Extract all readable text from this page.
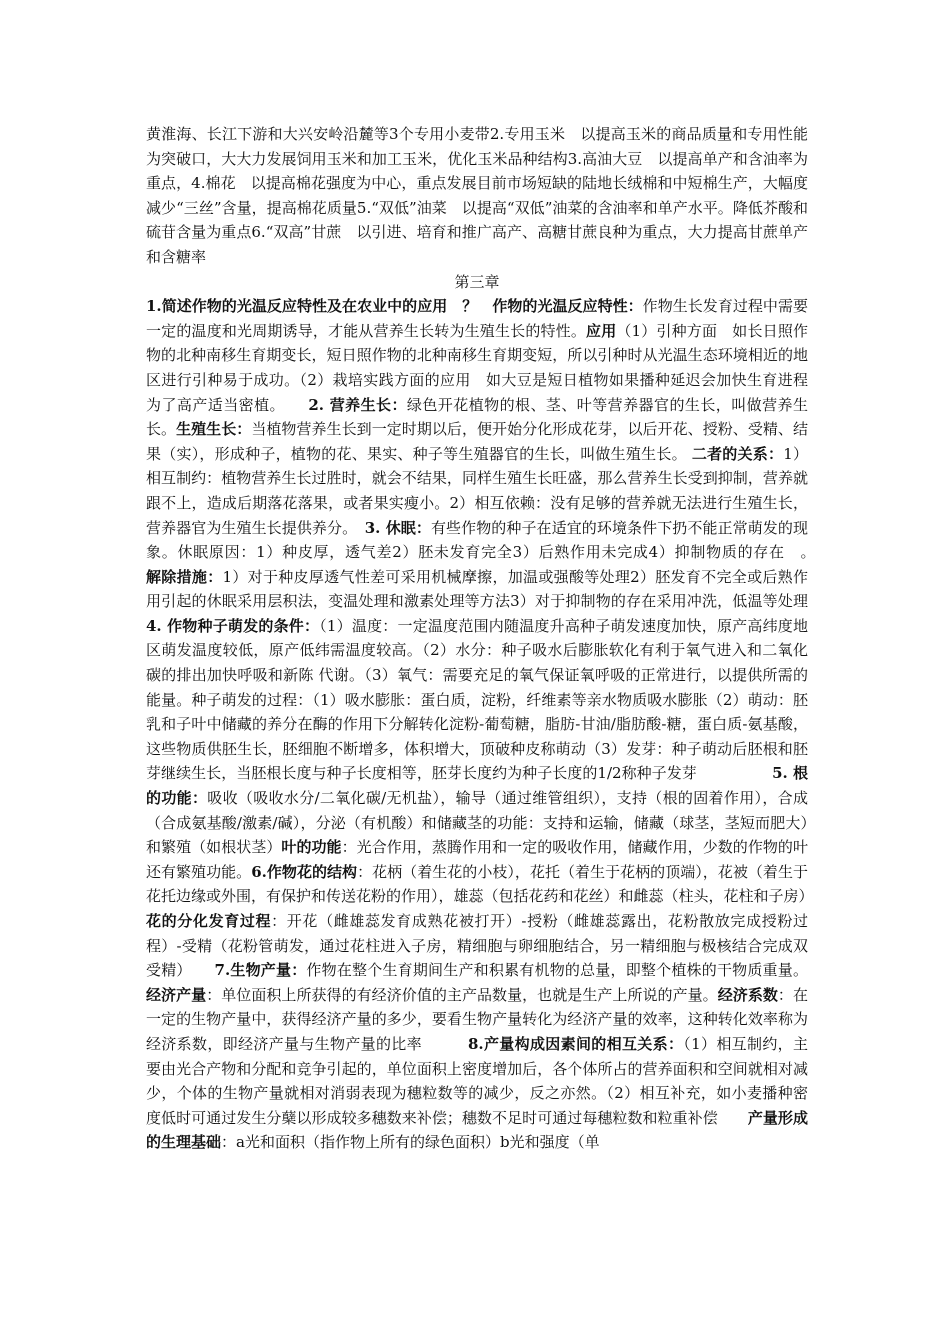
黄淮海、长江下游和大兴安岭沿麓等3个专用小麦带2.专用玉米　以提高玉米的商品质量和专用性能为突破口，大大力发展饲用玉米和加工玉米，优化玉米品种结构3.高油大豆　以提高单产和含油率为重点，4.棉花　以提高棉花强度为中心，重点发展目前市场短缺的陆地长绒棉和中短棉生产，大幅度减少“三丝”含量，提高棉花质量5.“双低”油菜　以提高“双低”油菜的含油率和单产水平。降低芥酸和硫苷含量为重点6.“双高”甘蔗　以引进、培育和推广高产、高糖甘蔗良种为重点，大力提高甘蔗单产和含糖率

第三章

1.简述作物的光温反应特性及在农业中的应用　？　作物的光温反应特性：作物生长发育过程中需要一定的温度和光周期诱导，才能从营养生长转为生殖生长的特性。应用（1）引种方面　如长日照作物的北种南移生育期变长，短日照作物的北种南移生育期变短，所以引种时从光温生态环境相近的地区进行引种易于成功。（2）栽培实践方面的应用　如大豆是短日植物如果播种延迟会加快生育进程为了高产适当密植。　　2. 营养生长：绿色开花植物的根、茎、叶等营养器官的生长，叫做营养生长。生殖生长：当植物营养生长到一定时期以后，便开始分化形成花芽，以后开花、授粉、受精、结果（实），形成种子，植物的花、果实、种子等生殖器官的生长，叫做生殖生长。 二者的关系：1）相互制约：植物营养生长过胜时，就会不结果，同样生殖生长旺盛，那么营养生长受到抑制，营养就跟不上，造成后期落花落果，或者果实瘦小。2）相互依赖：没有足够的营养就无法进行生殖生长，营养器官为生殖生长提供养分。　3. 休眠：有些作物的种子在适宜的环境条件下扔不能正常萌发的现象。休眠原因：1）种皮厚，透气差2）胚未发育完全3）后熟作用未完成4）抑制物质的存在　。　　解除措施：1）对于种皮厚透气性差可采用机械摩擦，加温或强酸等处理2）胚发育不完全或后熟作用引起的休眠采用层积法，变温处理和激素处理等方法3）对于抑制物的存在采用冲洗，低温等处理　　　4. 作物种子萌发的条件：（1）温度：一定温度范围内随温度升高种子萌发速度加快，原产高纬度地区萌发温度较低，原产低纬需温度较高。（2）水分：种子吸水后膨胀软化有利于氧气进入和二氧化碳的排出加快呼吸和新陈 代谢。（3）氧气：需要充足的氧气保证氧呼吸的正常进行，以提供所需的能量。种子萌发的过程：（1）吸水膨胀：蛋白质，淀粉，纤维素等亲水物质吸水膨胀（2）萌动：胚乳和子叶中储藏的养分在酶的作用下分解转化淀粉-葡萄糖，脂肪-甘油/脂肪酸-糖，蛋白质-氨基酸，这些物质供胚生长，胚细胞不断增多，体积增大，顶破种皮称萌动（3）发芽：种子萌动后胚根和胚芽继续生长，当胚根长度与种子长度相等，胚芽长度约为种子长度的1/2称种子发芽　　　　　5. 根的功能：吸收（吸收水分/二氧化碳/无机盐），输导（通过维管组织），支持（根的固着作用），合成（合成氨基酸/激素/碱），分泌（有机酸）和储藏茎的功能：支持和运输，储藏（球茎，茎短而肥大）和繁殖（如根状茎）叶的功能：光合作用，蒸腾作用和一定的吸收作用，储藏作用，少数的作物的叶还有繁殖功能。6.作物花的结构：花柄（着生花的小枝），花托（着生于花柄的顶端），花被（着生于花托边缘或外围，有保护和传送花粉的作用），雄蕊（包括花药和花丝）和雌蕊（柱头，花柱和子房）花的分化发育过程：开花（雌雄蕊发育成熟花被打开）-授粉（雌雄蕊露出，花粉散放完成授粉过程）-受精（花粉管萌发，通过花柱进入子房，精细胞与卵细胞结合，另一精细胞与极核结合完成双受精）　　7.生物产量：作物在整个生育期间生产和积累有机物的总量，即整个植株的干物质重量。经济产量：单位面积上所获得的有经济价值的主产品数量，也就是生产上所说的产量。经济系数：在一定的生物产量中，获得经济产量的多少，要看生物产量转化为经济产量的效率，这种转化效率称为经济系数，即经济产量与生物产量的比率　　　8.产量构成因素间的相互关系：（1）相互制约，主要由光合产物和分配和竞争引起的，单位面积上密度增加后，各个体所占的营养面积和空间就相对减少，个体的生物产量就相对消弱表现为穗粒数等的减少，反之亦然。（2）相互补充，如小麦播种密度低时可通过发生分蘖以形成较多穗数来补偿；穗数不足时可通过每穗粒数和粒重补偿　　产量形成的生理基础：a光和面积（指作物上所有的绿色面积）b光和强度（单
